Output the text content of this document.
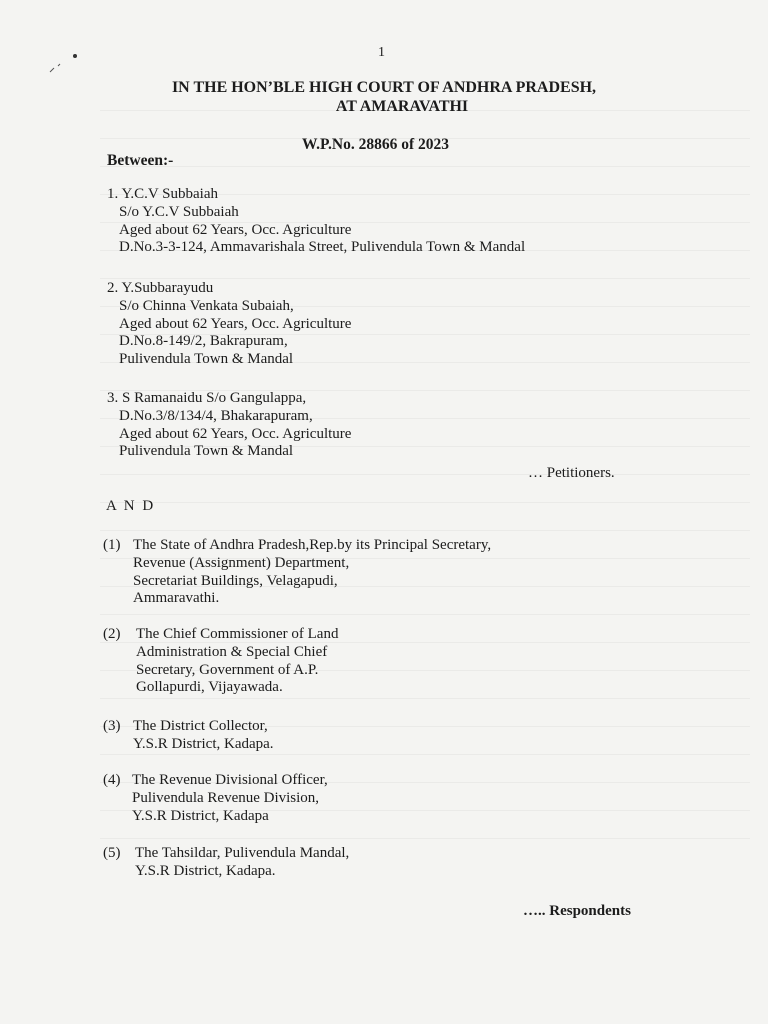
1
IN THE HON’BLE HIGH COURT OF ANDHRA PRADESH,
AT AMARAVATHI
W.P.No. 28866 of 2023
Between:-
1. Y.C.V Subbaiah
S/o Y.C.V Subbaiah
Aged about 62 Years, Occ. Agriculture
D.No.3-3-124, Ammavarishala Street, Pulivendula Town & Mandal
2. Y.Subbarayudu
S/o Chinna Venkata Subaiah,
Aged about 62 Years, Occ. Agriculture
D.No.8-149/2, Bakrapuram,
Pulivendula Town & Mandal
3. S Ramanaidu S/o Gangulappa,
D.No.3/8/134/4, Bhakarapuram,
Aged about 62 Years, Occ. Agriculture
Pulivendula Town & Mandal
… Petitioners.
A N D
(1) The State of Andhra Pradesh,Rep.by its Principal Secretary,
Revenue (Assignment) Department,
Secretariat Buildings, Velagapudi,
Ammaravathi.
(2) The Chief Commissioner of Land
Administration & Special Chief
Secretary, Government of A.P.
Gollapurdi, Vijayawada.
(3) The District Collector,
Y.S.R District, Kadapa.
(4) The Revenue Divisional Officer,
Pulivendula Revenue Division,
Y.S.R District, Kadapa
(5) The Tahsildar, Pulivendula Mandal,
Y.S.R District, Kadapa.
….. Respondents
